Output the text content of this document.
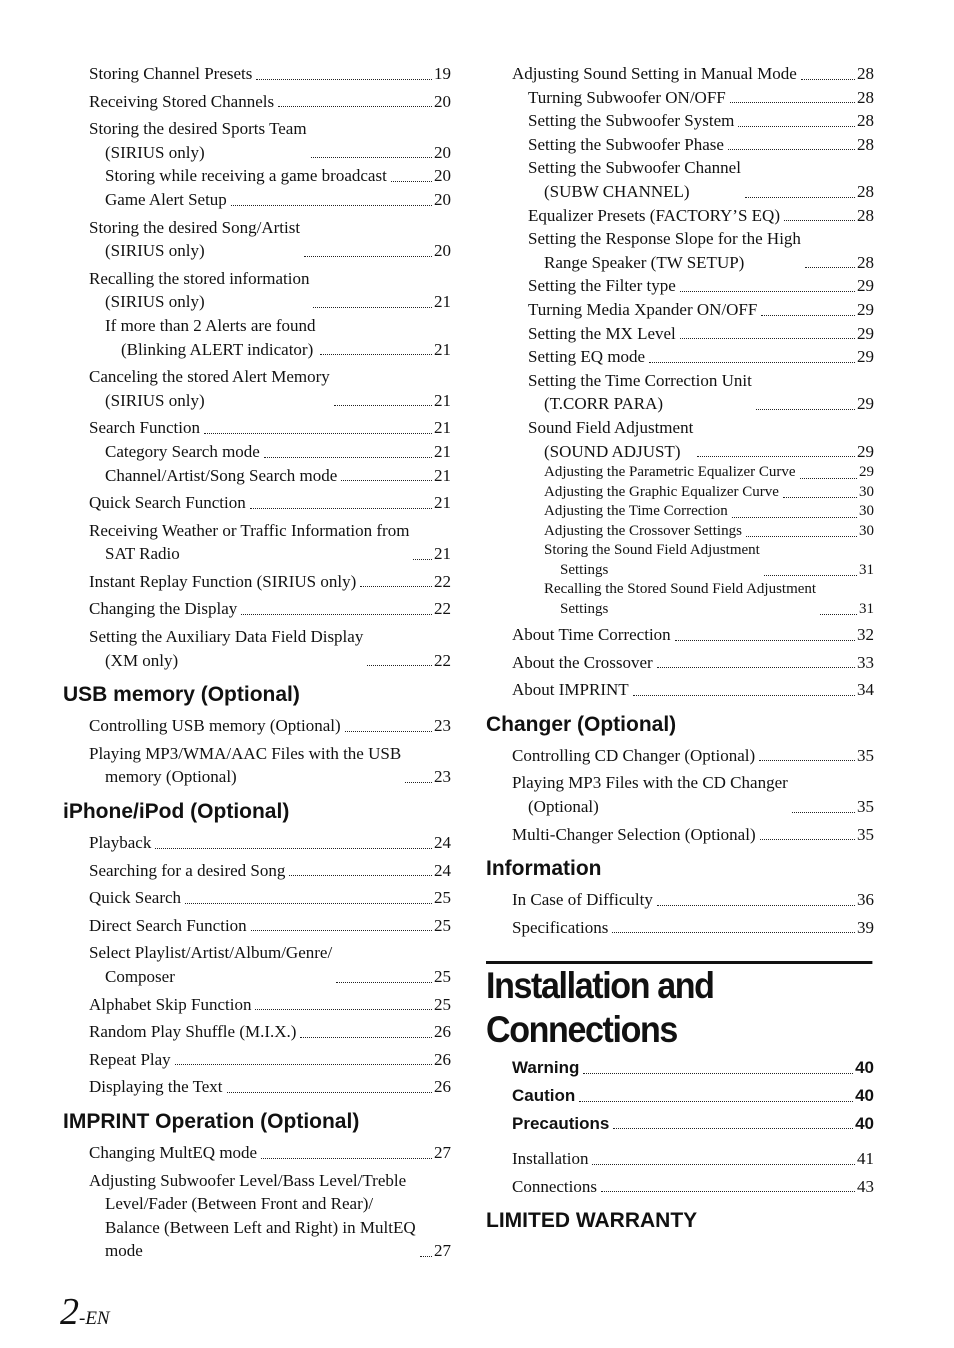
Storing Channel Presets	19
Receiving Stored Channels	20
Storing the desired Sports Team
(SIRIUS only)	20
Storing while receiving a game broadcast	20
Game Alert Setup	20
Storing the desired Song/Artist
(SIRIUS only)	20
Recalling the stored information
(SIRIUS only)	21
If more than 2 Alerts are found
(Blinking ALERT indicator)	21
Canceling the stored Alert Memory
(SIRIUS only)	21
Search Function	21
Category Search mode	21
Channel/Artist/Song Search mode	21
Quick Search Function	21
Receiving Weather or Traffic Information from
SAT Radio	21
Instant Replay Function (SIRIUS only)	22
Changing the Display	22
Setting the Auxiliary Data Field Display
(XM only)	22
USB memory (Optional)
Controlling USB memory (Optional)	23
Playing MP3/WMA/AAC Files with the USB
memory (Optional)	23
iPhone/iPod (Optional)
Playback	24
Searching for a desired Song	24
Quick Search	25
Direct Search Function	25
Select Playlist/Artist/Album/Genre/
Composer	25
Alphabet Skip Function	25
Random Play Shuffle (M.I.X.)	26
Repeat Play	26
Displaying the Text	26
IMPRINT Operation (Optional)
Changing MultEQ mode	27
Adjusting Subwoofer Level/Bass Level/Treble
Level/Fader (Between Front and Rear)/
Balance (Between Left and Right) in MultEQ
mode	27
Adjusting Sound Setting in Manual Mode	28
Turning Subwoofer ON/OFF	28
Setting the Subwoofer System	28
Setting the Subwoofer Phase	28
Setting the Subwoofer Channel
(SUBW CHANNEL)	28
Equalizer Presets (FACTORY’S EQ)	28
Setting the Response Slope for the High
Range Speaker (TW SETUP)	28
Setting the Filter type	29
Turning Media Xpander ON/OFF	29
Setting the MX Level	29
Setting EQ mode	29
Setting the Time Correction Unit
(T.CORR PARA)	29
Sound Field Adjustment
(SOUND ADJUST)	29
Adjusting the Parametric Equalizer Curve	29
Adjusting the Graphic Equalizer Curve	30
Adjusting the Time Correction	30
Adjusting the Crossover Settings	30
Storing the Sound Field Adjustment
Settings	31
Recalling the Stored Sound Field Adjustment
Settings	31
About Time Correction	32
About the Crossover	33
About IMPRINT	34
Changer (Optional)
Controlling CD Changer (Optional)	35
Playing MP3 Files with the CD Changer
(Optional)	35
Multi-Changer Selection (Optional)	35
Information
In Case of Difficulty	36
Specifications	39
Installation and Connections
Warning	40
Caution	40
Precautions	40
Installation	41
Connections	43
LIMITED WARRANTY
2-EN
